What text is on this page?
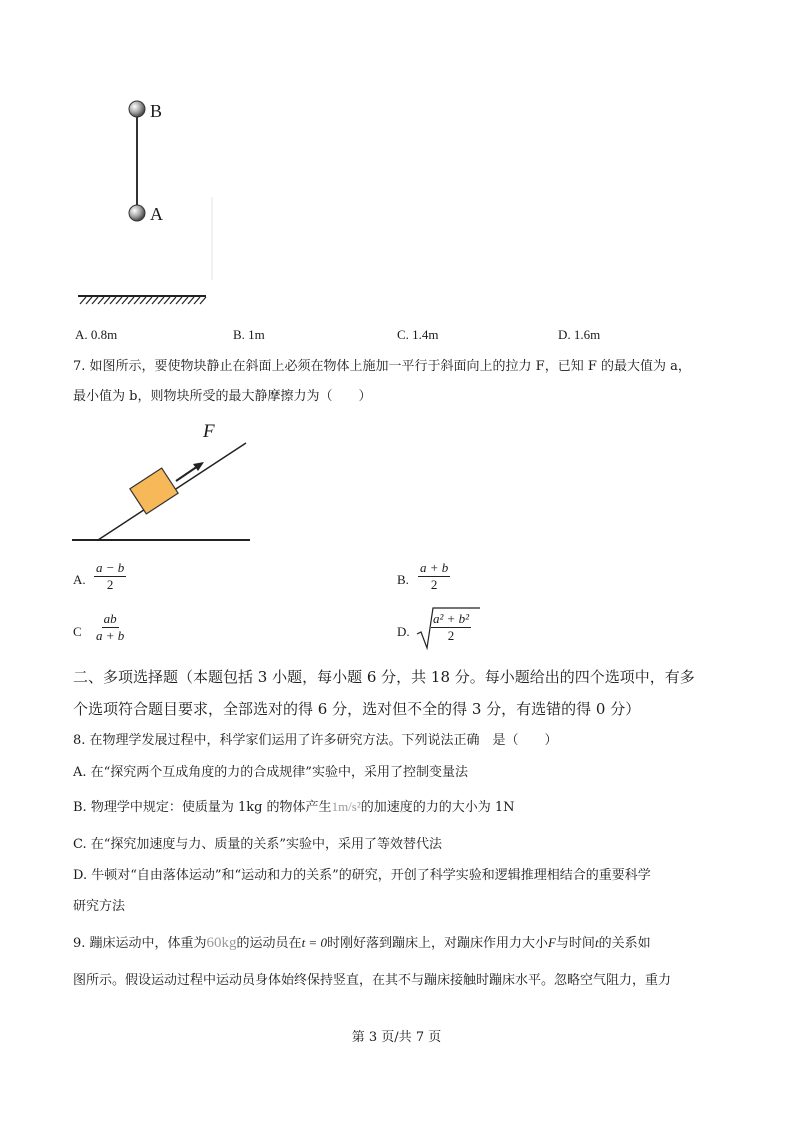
B
A
A. 0.8m	B. 1m	C. 1.4m	D. 1.6m
7. 如图所示，要使物块静止在斜面上必须在物体上施加一平行于斜面向上的拉力 F，已知 F 的最大值为 a，
最小值为 b，则物块所受的最大静摩擦力为（　　）
F
A. $\frac{a - b}{2}$	B. $\frac{a + b}{2}$
C $\frac{ab}{a + b}$	D. $\frac{\text{a² + b²}}{2}$
二、多项选择题（本题包括 3 小题，每小题 6 分，共 18 分。每小题给出的四个选项中，有多
个选项符合题目要求，全部选对的得 6 分，选对但不全的得 3 分，有选错的得 0 分）
8. 在物理学发展过程中，科学家们运用了许多研究方法。下列说法正确　是（　　）
A. 在“探究两个互成角度的力的合成规律”实验中，采用了控制变量法
B. 物理学中规定：使质量为 1kg 的物体产生1m/s²的加速度的力的大小为 1N
C. 在“探究加速度与力、质量的关系”实验中，采用了等效替代法
D. 牛顿对“自由落体运动”和“运动和力的关系”的研究，开创了科学实验和逻辑推理相结合的重要科学
研究方法
9. 蹦床运动中，体重为60kg的运动员在t = 0时刚好落到蹦床上，对蹦床作用力大小F与时间t的关系如
图所示。假设运动过程中运动员身体始终保持竖直，在其不与蹦床接触时蹦床水平。忽略空气阻力，重力
第 3 页/共 7 页
